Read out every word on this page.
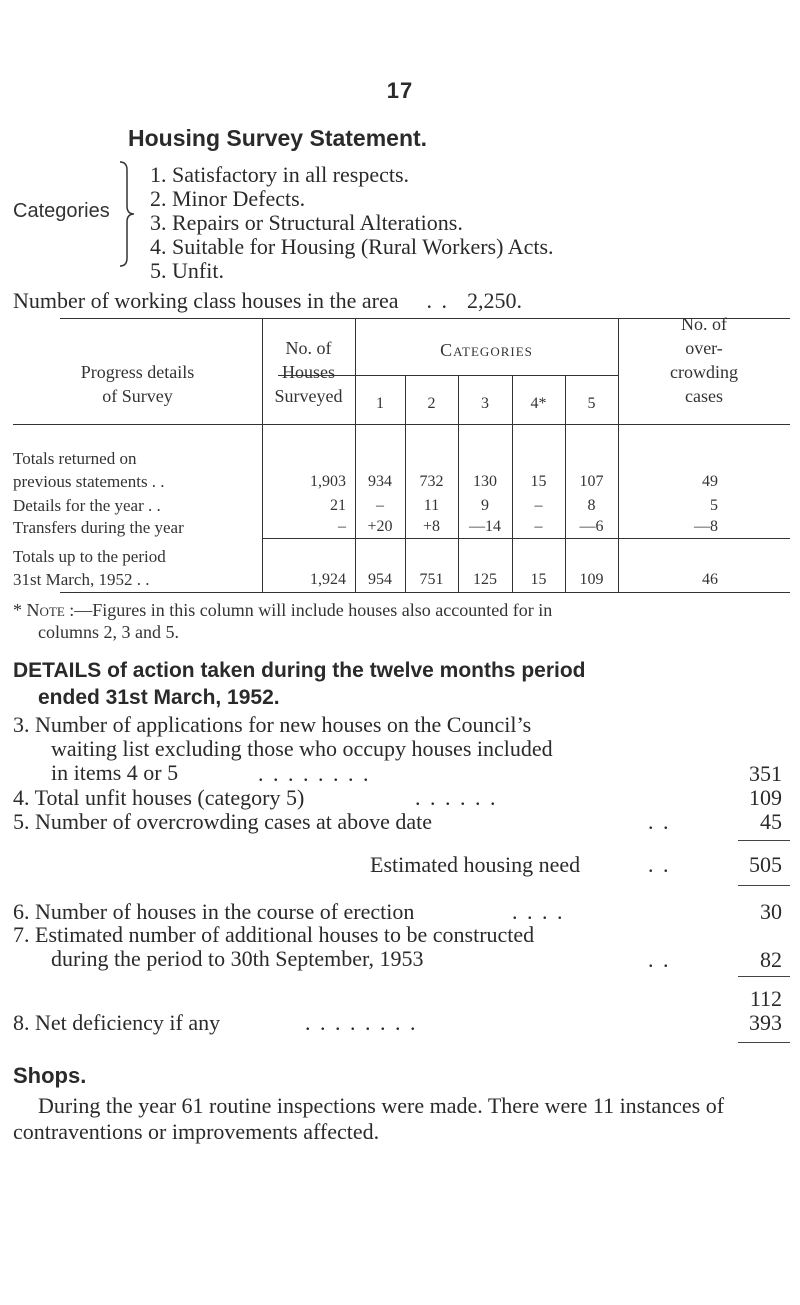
17
Housing Survey Statement.
Categories
1. Satisfactory in all respects.
2. Minor Defects.
3. Repairs or Structural Alterations.
4. Suitable for Housing (Rural Workers) Acts.
5. Unfit.
Number of working class houses in the area . . 2,250.
Progress details
of Survey
No. of
Houses
Surveyed
Categories
1	2	3	4*	5
No. of
over-
crowding
cases
Totals returned on
previous statements . .	1,903	934	732	130	15	107	49
Details for the year . .	21	–	11	9	–	8	5
Transfers during the year	–	+20	+8	—14	–	—6	—8
Totals up to the period
31st March, 1952 . .	1,924	954	751	125	15	109	46
* Note :—Figures in this column will include houses also accounted for in
columns 2, 3 and 5.
DETAILS of action taken during the twelve months period
ended 31st March, 1952.
3. Number of applications for new houses on the Council’s
waiting list excluding those who occupy houses included
in items 4 or 5	. . . . . . . .	351
4. Total unfit houses (category 5)	. . . . . .	109
5. Number of overcrowding cases at above date	. .	45
Estimated housing need	. .	505
6. Number of houses in the course of erection	. . . .	30
7. Estimated number of additional houses to be constructed
during the period to 30th September, 1953	. .	82
112
8. Net deficiency if any	. . . . . . . .	393
Shops.
During the year 61 routine inspections were made. There were 11 instances of contraventions or improvements affected.
